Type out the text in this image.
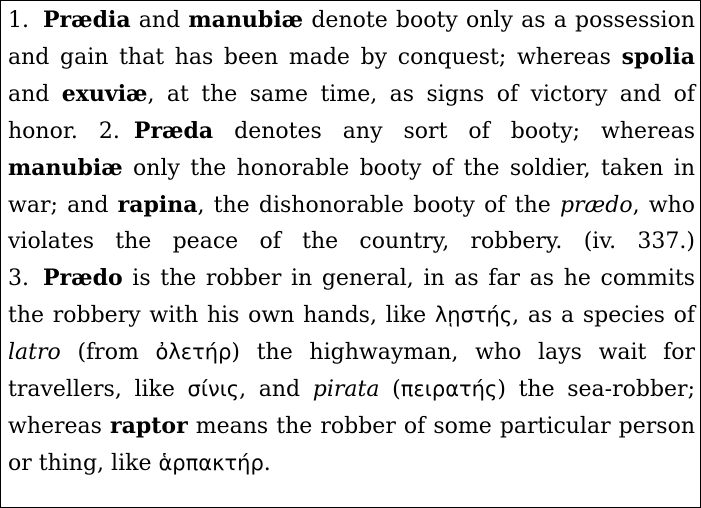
1. Prædia and manubiæ denote booty only as a possession and gain that has been made by conquest; whereas spolia and exuviæ, at the same time, as signs of victory and of honor. 2. Præda denotes any sort of booty; whereas manubiæ only the honorable booty of the soldier, taken in war; and rapina, the dishonorable booty of the prædo, who violates the peace of the country, robbery. (iv. 337.) 3. Prædo is the robber in general, in as far as he commits the robbery with his own hands, like λῃστής, as a species of latro (from ὀλετήρ) the highwayman, who lays wait for travellers, like σίνις, and pirata (πειρατής) the sea-robber; whereas raptor means the robber of some particular person or thing, like ἁρπακτήρ.
